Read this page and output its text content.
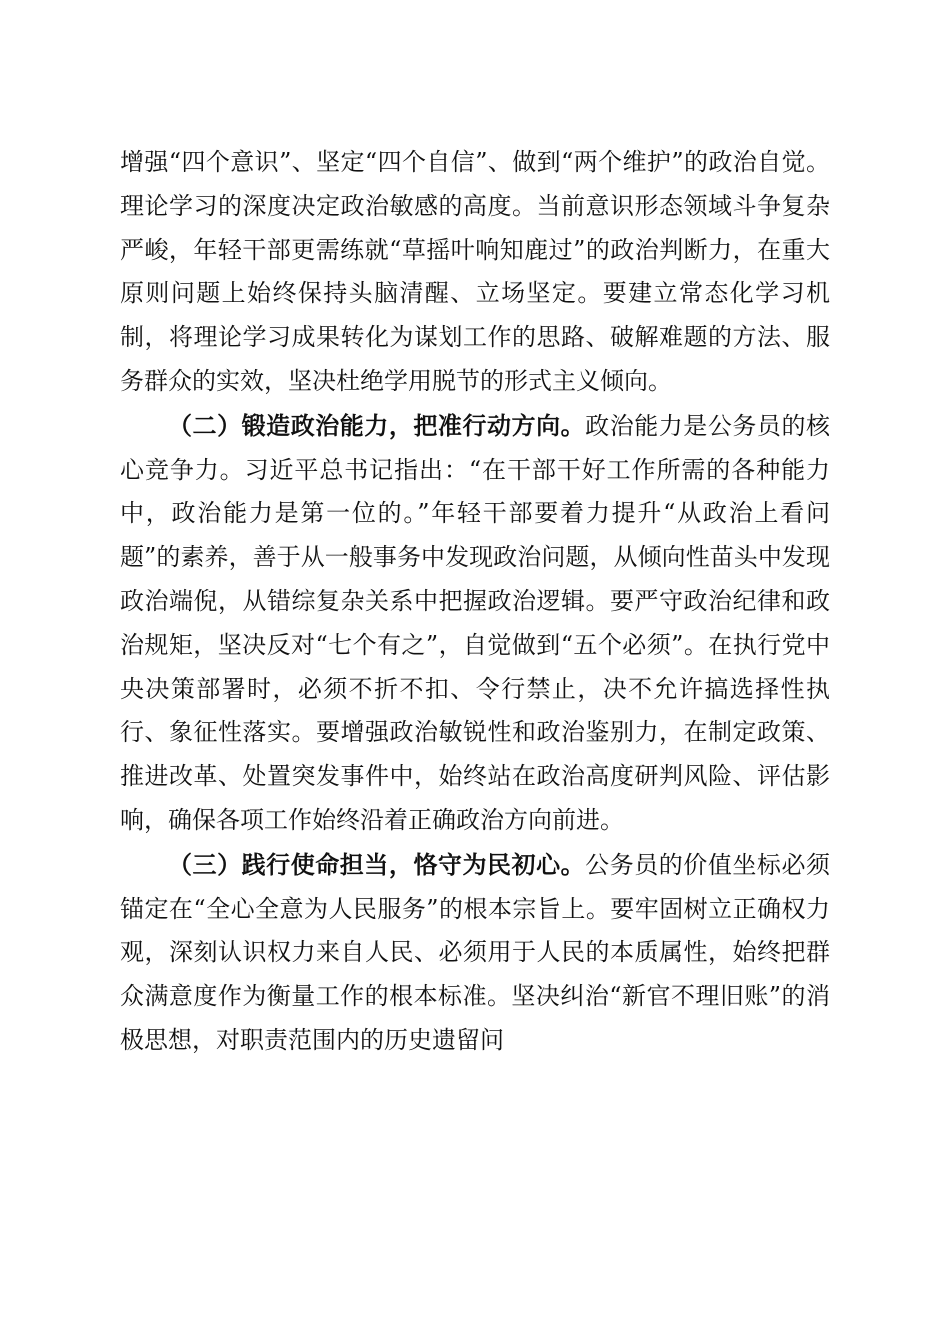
增强“四个意识”、坚定“四个自信”、做到“两个维护”的政治自觉。理论学习的深度决定政治敏感的高度。当前意识形态领域斗争复杂严峻，年轻干部更需练就“草摇叶响知鹿过”的政治判断力，在重大原则问题上始终保持头脑清醒、立场坚定。要建立常态化学习机制，将理论学习成果转化为谋划工作的思路、破解难题的方法、服务群众的实效，坚决杜绝学用脱节的形式主义倾向。

（二）锻造政治能力，把准行动方向。政治能力是公务员的核心竞争力。习近平总书记指出：“在干部干好工作所需的各种能力中，政治能力是第一位的。”年轻干部要着力提升“从政治上看问题”的素养，善于从一般事务中发现政治问题，从倾向性苗头中发现政治端倪，从错综复杂关系中把握政治逻辑。要严守政治纪律和政治规矩，坚决反对“七个有之”，自觉做到“五个必须”。在执行党中央决策部署时，必须不折不扣、令行禁止，决不允许搞选择性执行、象征性落实。要增强政治敏锐性和政治鉴别力，在制定政策、推进改革、处置突发事件中，始终站在政治高度研判风险、评估影响，确保各项工作始终沿着正确政治方向前进。

（三）践行使命担当，恪守为民初心。公务员的价值坐标必须锚定在“全心全意为人民服务”的根本宗旨上。要牢固树立正确权力观，深刻认识权力来自人民、必须用于人民的本质属性，始终把群众满意度作为衡量工作的根本标准。坚决纠治“新官不理旧账”的消极思想，对职责范围内的历史遗留问
